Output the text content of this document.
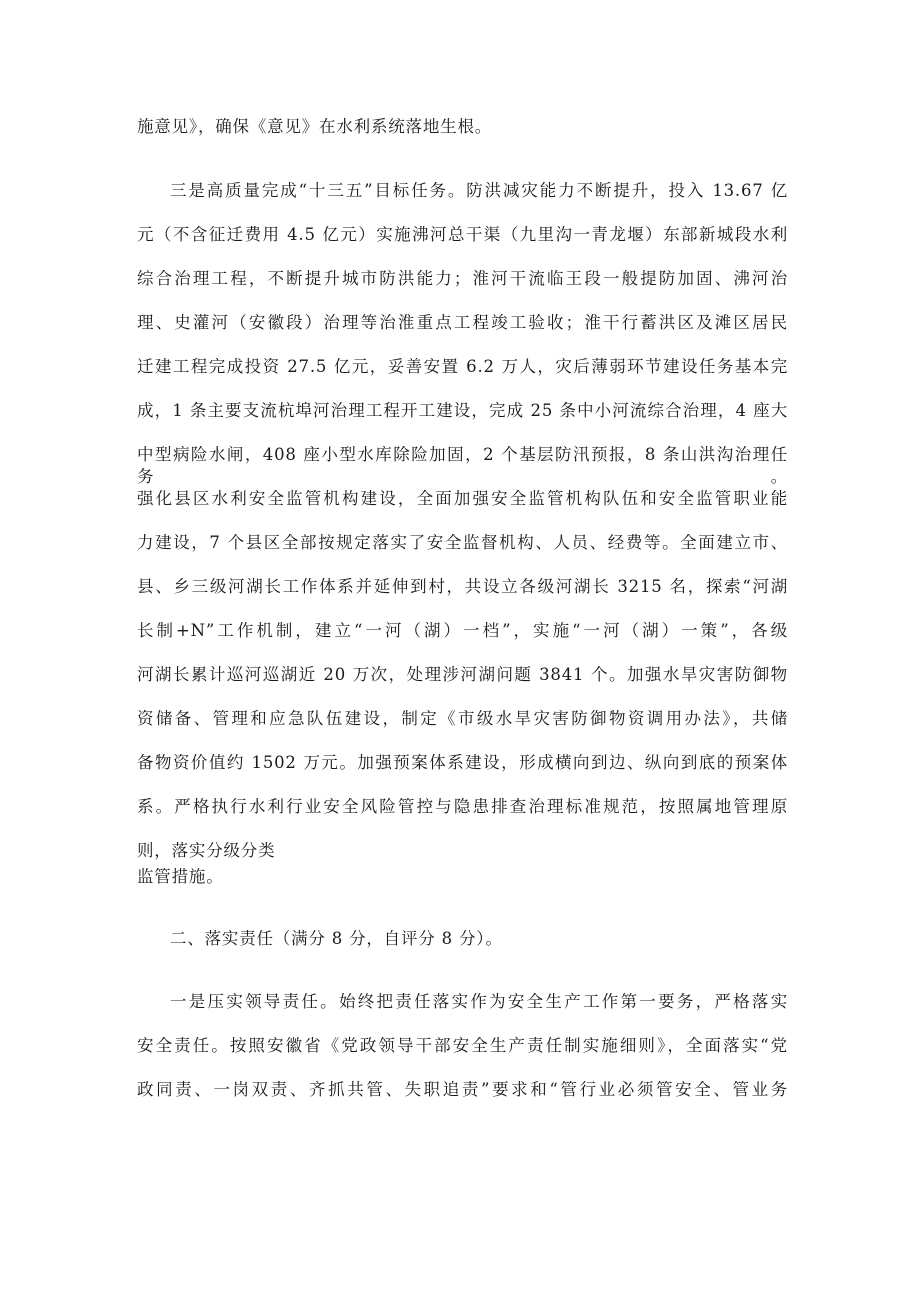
施意见》，确保《意见》在水利系统落地生根。
三是高质量完成“十三五”目标任务。防洪减灾能力不断提升，投入 13.67 亿
元（不含征迁费用 4.5 亿元）实施沸河总干渠（九里沟一青龙堰）东部新城段水利
综合治理工程，不断提升城市防洪能力；淮河干流临王段一般提防加固、沸河治
理、史灌河（安徽段）治理等治淮重点工程竣工验收；淮干行蓄洪区及滩区居民
迁建工程完成投资 27.5 亿元，妥善安置 6.2 万人，灾后薄弱环节建设任务基本完
成，1 条主要支流杭埠河治理工程开工建设，完成 25 条中小河流综合治理，4 座大
中型病险水闸，408 座小型水库除险加固，2 个基层防汛预报，8 条山洪沟治理任务。
强化县区水利安全监管机构建设，全面加强安全监管机构队伍和安全监管职业能
力建设，7 个县区全部按规定落实了安全监督机构、人员、经费等。全面建立市、
县、乡三级河湖长工作体系并延伸到村，共设立各级河湖长 3215 名，探索“河湖
长制+N”工作机制，建立“一河（湖）一档”，实施“一河（湖）一策”，各级
河湖长累计巡河巡湖近 20 万次，处理涉河湖问题 3841 个。加强水旱灾害防御物
资储备、管理和应急队伍建设，制定《市级水旱灾害防御物资调用办法》，共储
备物资价值约 1502 万元。加强预案体系建设，形成横向到边、纵向到底的预案体
系。严格执行水利行业安全风险管控与隐患排查治理标准规范，按照属地管理原
则，落实分级分类
监管措施。
二、落实责任（满分 8 分，自评分 8 分）。
一是压实领导责任。始终把责任落实作为安全生产工作第一要务，严格落实
安全责任。按照安徽省《党政领导干部安全生产责任制实施细则》，全面落实“党
政同责、一岗双责、齐抓共管、失职追责”要求和“管行业必须管安全、管业务
